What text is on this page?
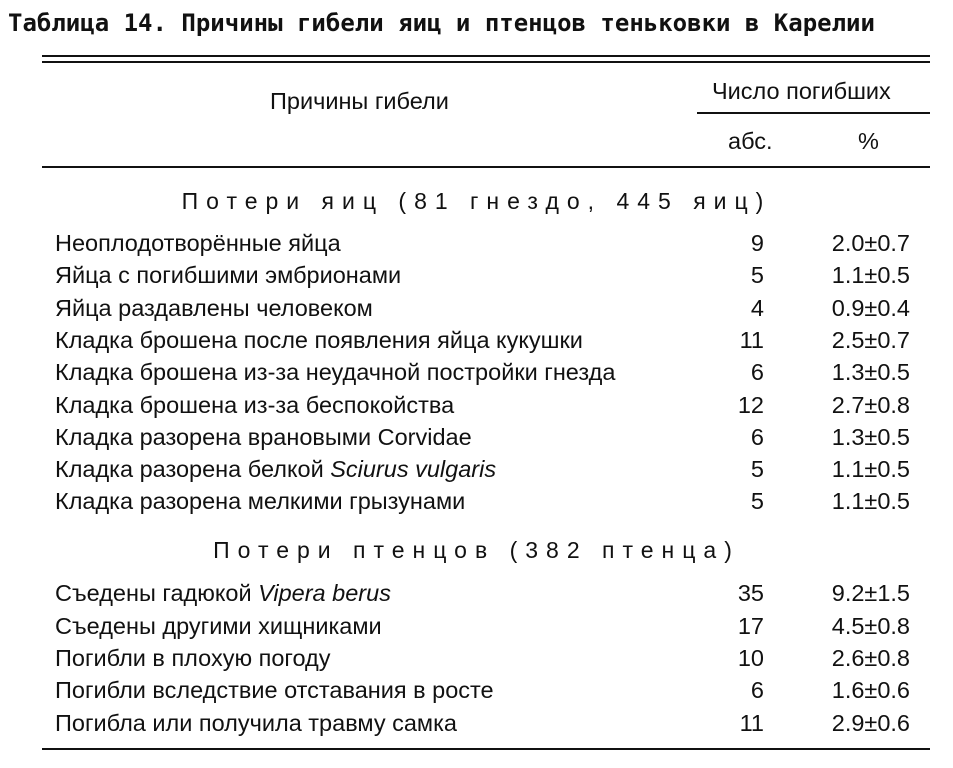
Таблица 14. Причины гибели яиц и птенцов теньковки в Карелии
Причины гибели	Число погибших
абс.	%
Потери яиц (81 гнездо, 445 яиц)
Неоплодотворённые яйца	9	2.0±0.7
Яйца с погибшими эмбрионами	5	1.1±0.5
Яйца раздавлены человеком	4	0.9±0.4
Кладка брошена после появления яйца кукушки	11	2.5±0.7
Кладка брошена из-за неудачной постройки гнезда	6	1.3±0.5
Кладка брошена из-за беспокойства	12	2.7±0.8
Кладка разорена врановыми Corvidae	6	1.3±0.5
Кладка разорена белкой Sciurus vulgaris	5	1.1±0.5
Кладка разорена мелкими грызунами	5	1.1±0.5
Потери птенцов (382 птенца)
Съедены гадюкой Vipera berus	35	9.2±1.5
Съедены другими хищниками	17	4.5±0.8
Погибли в плохую погоду	10	2.6±0.8
Погибли вследствие отставания в росте	6	1.6±0.6
Погибла или получила травму самка	11	2.9±0.6
